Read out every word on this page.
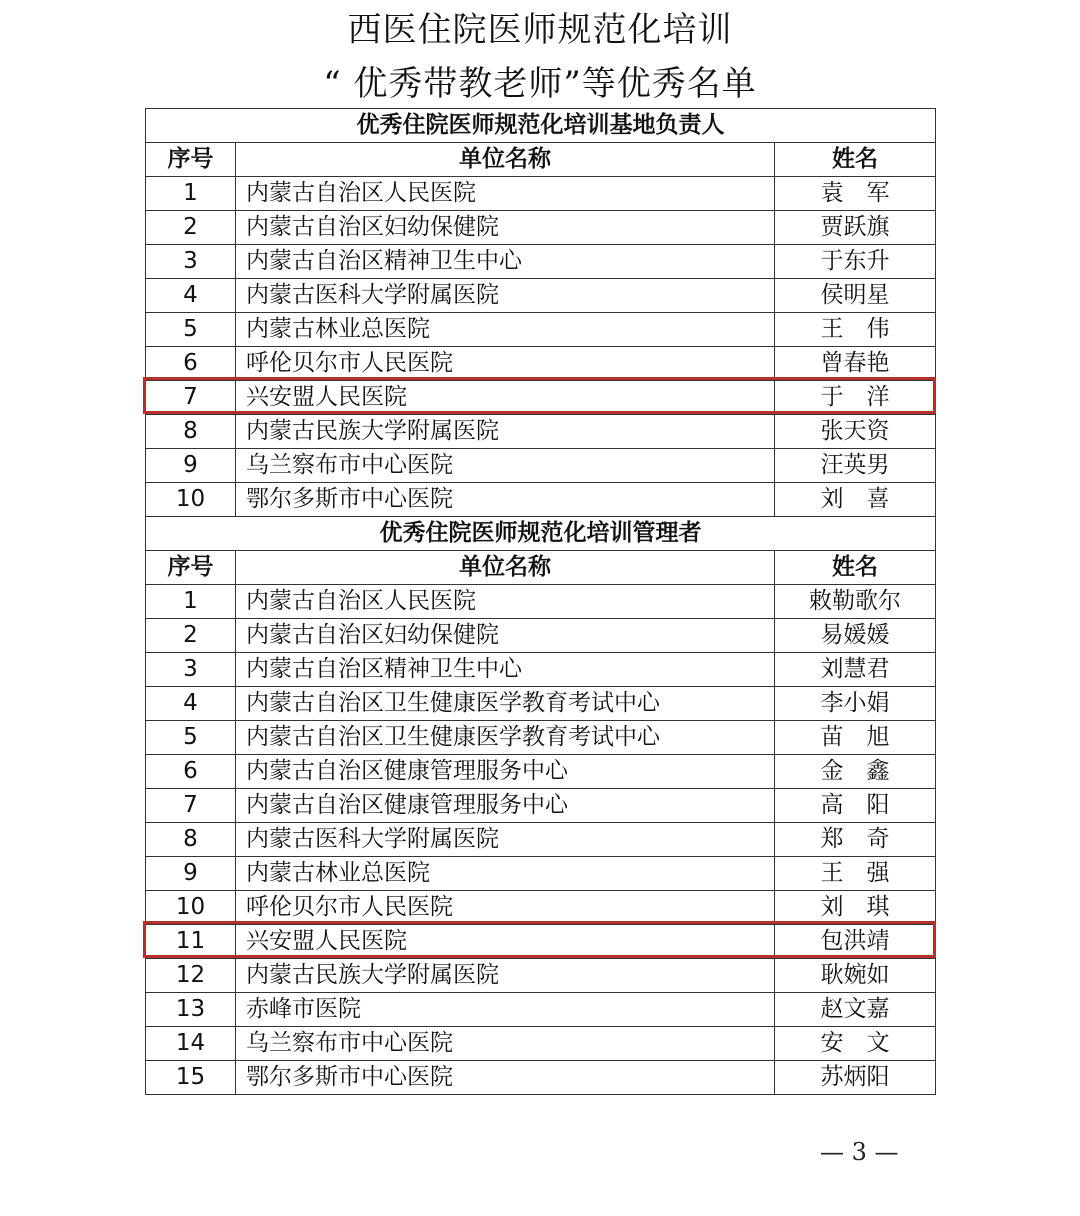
西医住院医师规范化培训
“ 优秀带教老师”等优秀名单
优秀住院医师规范化培训基地负责人		
序号	单位名称	姓名
1	内蒙古自治区人民医院	袁　军
2	内蒙古自治区妇幼保健院	贾跃旗
3	内蒙古自治区精神卫生中心	于东升
4	内蒙古医科大学附属医院	侯明星
5	内蒙古林业总医院	王　伟
6	呼伦贝尔市人民医院	曾春艳
7	兴安盟人民医院	于　洋
8	内蒙古民族大学附属医院	张天资
9	乌兰察布市中心医院	汪英男
10	鄂尔多斯市中心医院	刘　喜
优秀住院医师规范化培训管理者		
序号	单位名称	姓名
1	内蒙古自治区人民医院	敕勒歌尔
2	内蒙古自治区妇幼保健院	易媛媛
3	内蒙古自治区精神卫生中心	刘慧君
4	内蒙古自治区卫生健康医学教育考试中心	李小娟
5	内蒙古自治区卫生健康医学教育考试中心	苗　旭
6	内蒙古自治区健康管理服务中心	金　鑫
7	内蒙古自治区健康管理服务中心	高　阳
8	内蒙古医科大学附属医院	郑　奇
9	内蒙古林业总医院	王　强
10	呼伦贝尔市人民医院	刘　琪
11	兴安盟人民医院	包洪靖
12	内蒙古民族大学附属医院	耿婉如
13	赤峰市医院	赵文嘉
14	乌兰察布市中心医院	安　文
15	鄂尔多斯市中心医院	苏炳阳
— 3 —
